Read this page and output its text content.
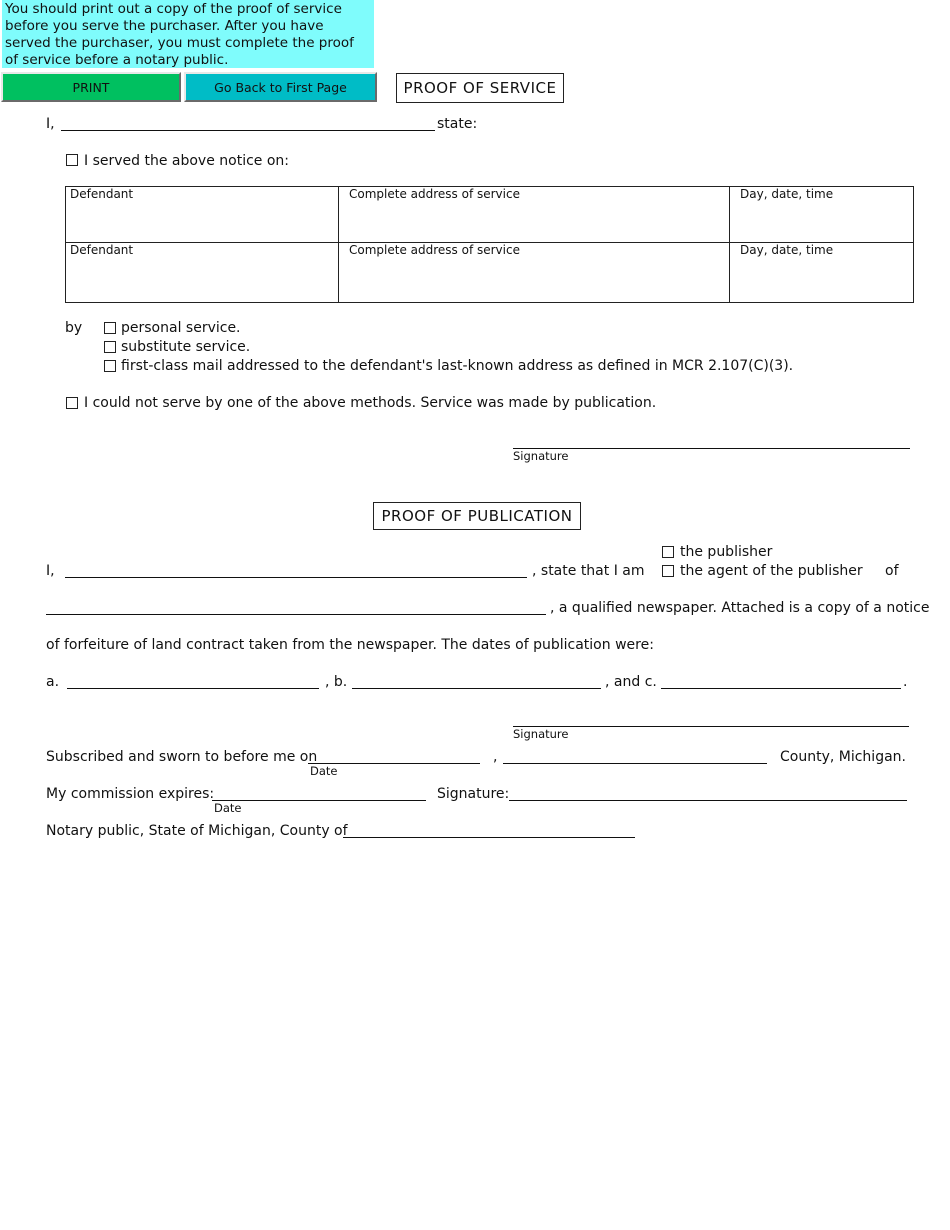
You should print out a copy of the proof of service before you serve the purchaser. After you have served the purchaser, you must complete the proof of service before a notary public.
PRINT	Go Back to First Page	PROOF OF SERVICE
I,	state:
I served the above notice on:
Defendant	Complete address of service	Day, date, time
Defendant	Complete address of service	Day, date, time
by	personal service.
substitute service.
first-class mail addressed to the defendant's last-known address as defined in MCR 2.107(C)(3).
I could not serve by one of the above methods. Service was made by publication.
Signature
PROOF OF PUBLICATION
the publisher
I,	, state that I am	the agent of the publisher of
, a qualified newspaper. Attached is a copy of a notice
of forfeiture of land contract taken from the newspaper. The dates of publication were:
a.	, b.	, and c.	.
Signature
Subscribed and sworn to before me on
Date
,	County, Michigan.
My commission expires:
Date
Signature:
Notary public, State of Michigan, County of
